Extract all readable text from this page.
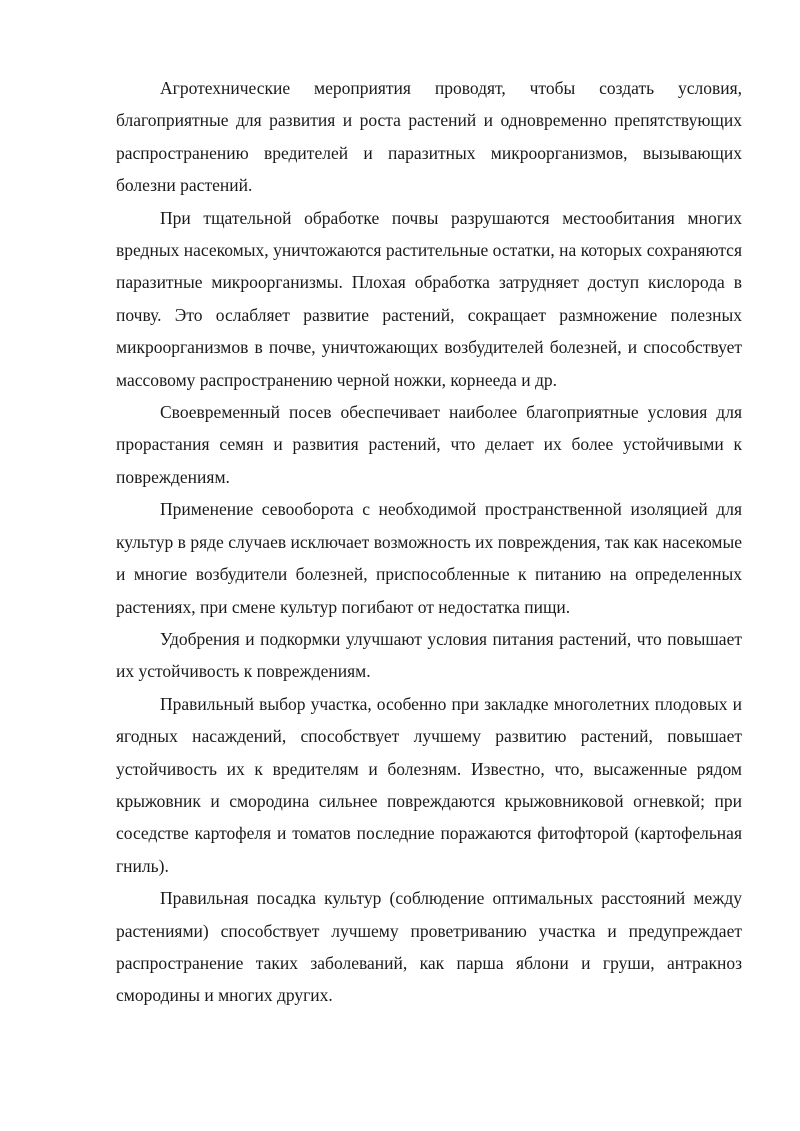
Агротехнические мероприятия проводят, чтобы создать условия, благоприятные для развития и роста растений и одновременно препятствующих распространению вредителей и паразитных микроорганизмов, вызывающих болезни растений.

При тщательной обработке почвы разрушаются местообитания многих вредных насекомых, уничтожаются растительные остатки, на которых сохраняются паразитные микроорганизмы. Плохая обработка затрудняет доступ кислорода в почву. Это ослабляет развитие растений, сокращает размножение полезных микроорганизмов в почве, уничтожающих возбудителей болезней, и способствует массовому распространению черной ножки, корнееда и др.

Своевременный посев обеспечивает наиболее благоприятные условия для прорастания семян и развития растений, что делает их более устойчивыми к повреждениям.

Применение севооборота с необходимой пространственной изоляцией для культур в ряде случаев исключает возможность их повреждения, так как насекомые и многие возбудители болезней, приспособленные к питанию на определенных растениях, при смене культур погибают от недостатка пищи.

Удобрения и подкормки улучшают условия питания растений, что повышает их устойчивость к повреждениям.

Правильный выбор участка, особенно при закладке многолетних плодовых и ягодных насаждений, способствует лучшему развитию растений, повышает устойчивость их к вредителям и болезням. Известно, что, высаженные рядом крыжовник и смородина сильнее повреждаются крыжовниковой огневкой; при соседстве картофеля и томатов последние поражаются фитофторой (картофельная гниль).

Правильная посадка культур (соблюдение оптимальных расстояний между растениями) способствует лучшему проветриванию участка и предупреждает распространение таких заболеваний, как парша яблони и груши, антракноз смородины и многих других.
